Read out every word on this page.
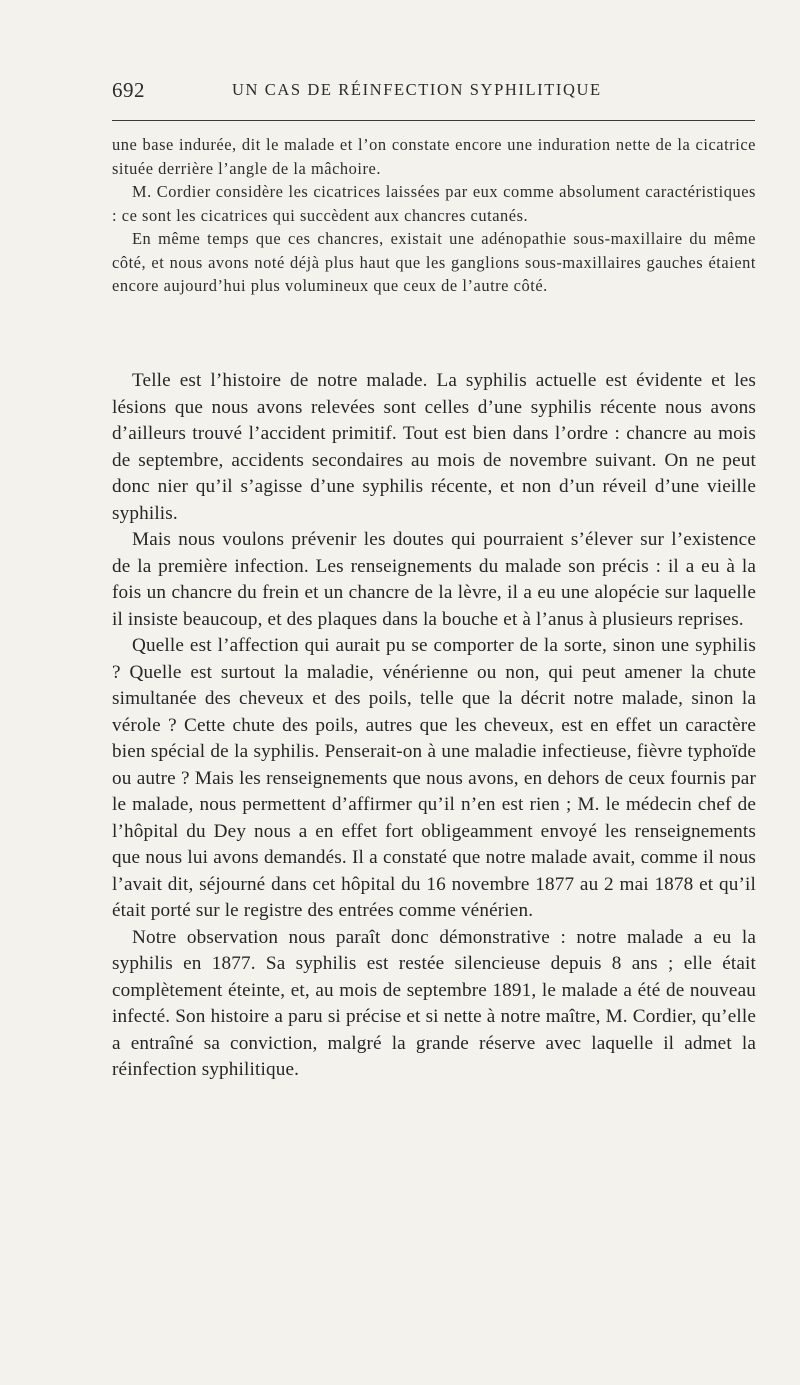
692	UN CAS DE RÉINFECTION SYPHILITIQUE

une base indurée, dit le malade et l’on constate encore une induration nette de la cicatrice située derrière l’angle de la mâchoire.

M. Cordier considère les cicatrices laissées par eux comme absolument caractéristiques : ce sont les cicatrices qui succèdent aux chancres cutanés.

En même temps que ces chancres, existait une adénopathie sous-maxillaire du même côté, et nous avons noté déjà plus haut que les ganglions sous-maxillaires gauches étaient encore aujourd’hui plus volumineux que ceux de l’autre côté.

Telle est l’histoire de notre malade. La syphilis actuelle est évidente et les lésions que nous avons relevées sont celles d’une syphilis récente nous avons d’ailleurs trouvé l’accident primitif. Tout est bien dans l’ordre : chancre au mois de septembre, accidents secondaires au mois de novembre suivant. On ne peut donc nier qu’il s’agisse d’une syphilis récente, et non d’un réveil d’une vieille syphilis.

Mais nous voulons prévenir les doutes qui pourraient s’élever sur l’existence de la première infection. Les renseignements du malade son précis : il a eu à la fois un chancre du frein et un chancre de la lèvre, il a eu une alopécie sur laquelle il insiste beaucoup, et des plaques dans la bouche et à l’anus à plusieurs reprises.

Quelle est l’affection qui aurait pu se comporter de la sorte, sinon une syphilis ? Quelle est surtout la maladie, vénérienne ou non, qui peut amener la chute simultanée des cheveux et des poils, telle que la décrit notre malade, sinon la vérole ? Cette chute des poils, autres que les cheveux, est en effet un caractère bien spécial de la syphilis. Penserait-on à une maladie infectieuse, fièvre typhoïde ou autre ? Mais les renseignements que nous avons, en dehors de ceux fournis par le malade, nous permettent d’affirmer qu’il n’en est rien ; M. le médecin chef de l’hôpital du Dey nous a en effet fort obligeamment envoyé les renseignements que nous lui avons demandés. Il a constaté que notre malade avait, comme il nous l’avait dit, séjourné dans cet hôpital du 16 novembre 1877 au 2 mai 1878 et qu’il était porté sur le registre des entrées comme vénérien.

Notre observation nous paraît donc démonstrative : notre malade a eu la syphilis en 1877. Sa syphilis est restée silencieuse depuis 8 ans ; elle était complètement éteinte, et, au mois de septembre 1891, le malade a été de nouveau infecté. Son histoire a paru si précise et si nette à notre maître, M. Cordier, qu’elle a entraîné sa conviction, malgré la grande réserve avec laquelle il admet la réinfection syphilitique.
